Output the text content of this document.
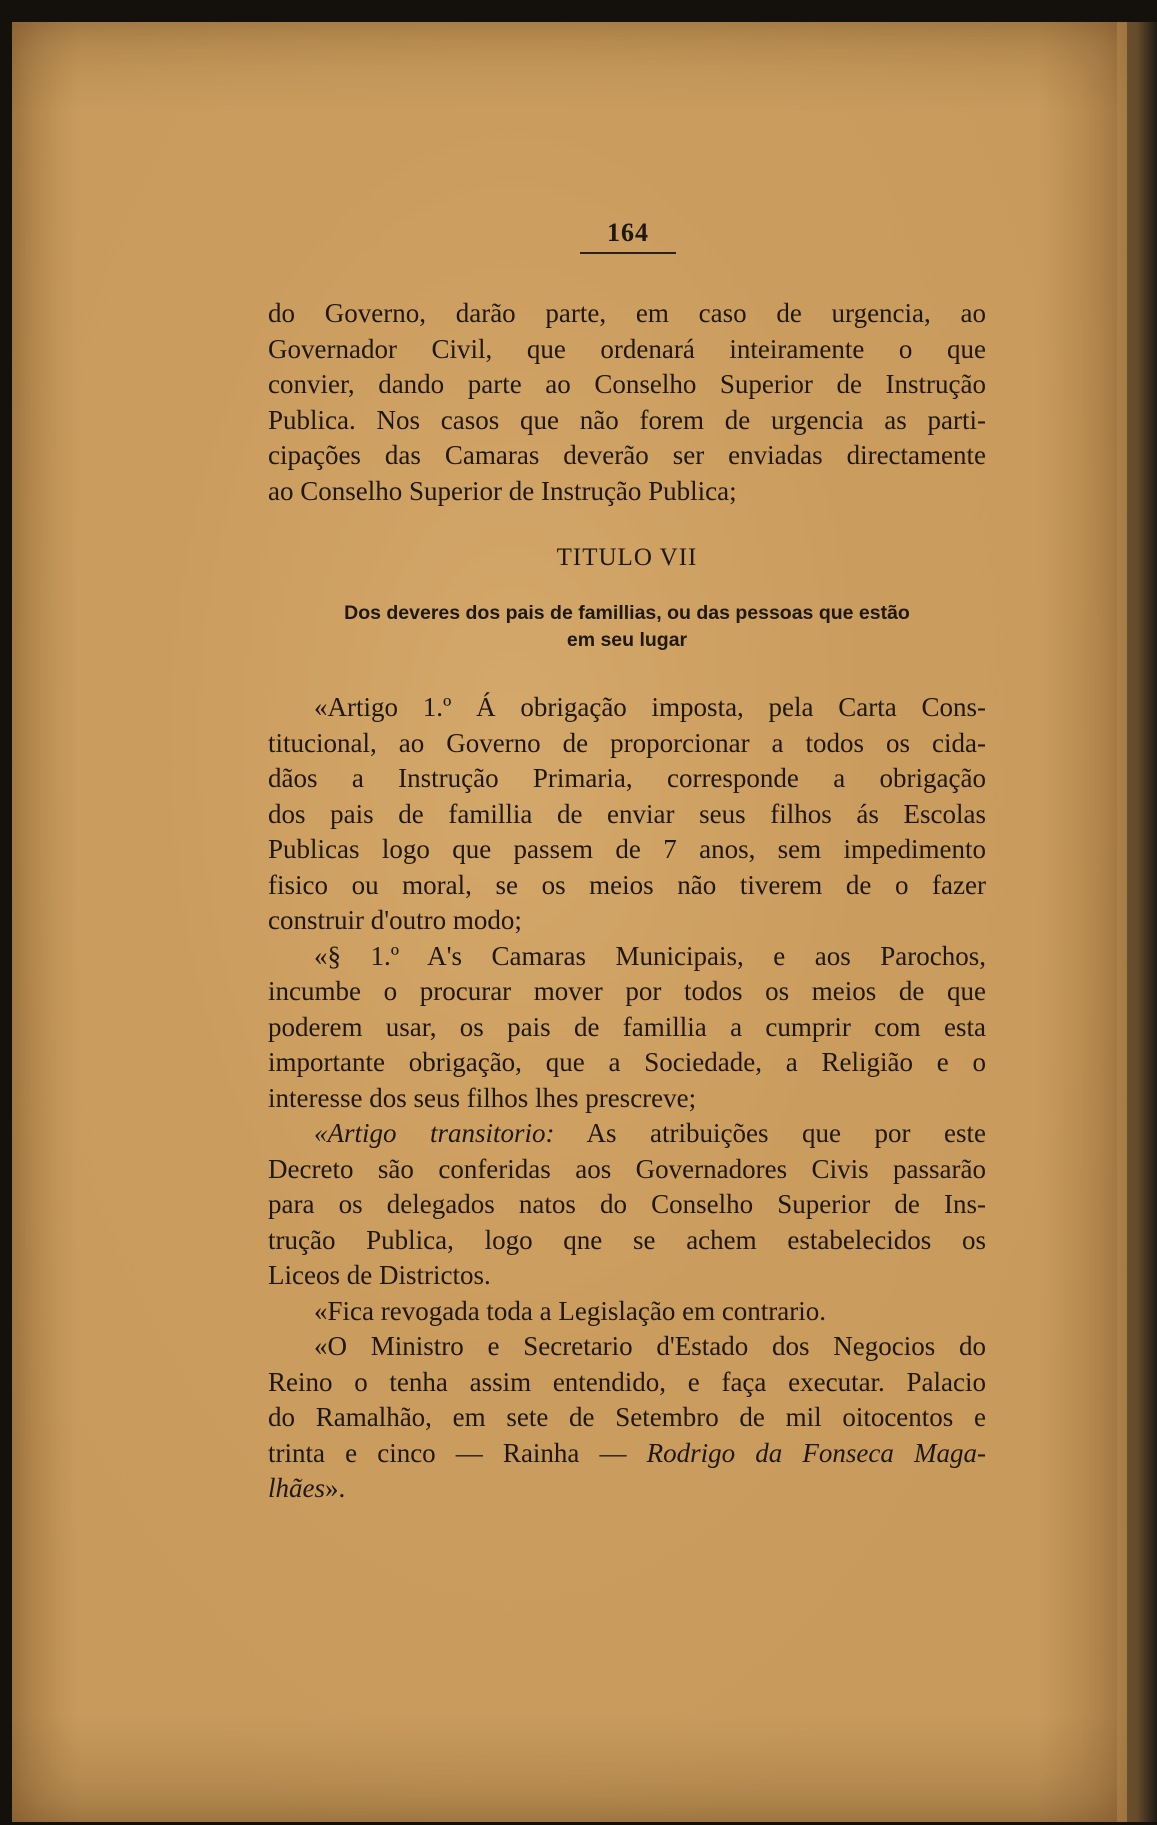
164
do Governo, darão parte, em caso de urgencia, ao
Governador Civil, que ordenará inteiramente o que
convier, dando parte ao Conselho Superior de Instrução
Publica. Nos casos que não forem de urgencia as parti-
cipações das Camaras deverão ser enviadas directamente
ao Conselho Superior de Instrução Publica;
TITULO VII
Dos deveres dos pais de famillias, ou das pessoas que estão
em seu lugar
«Artigo 1.º Á obrigação imposta, pela Carta Cons-
titucional, ao Governo de proporcionar a todos os cida-
dãos a Instrução Primaria, corresponde a obrigação
dos pais de famillia de enviar seus filhos ás Escolas
Publicas logo que passem de 7 anos, sem impedimento
fisico ou moral, se os meios não tiverem de o fazer
construir d'outro modo;
«§ 1.º A's Camaras Municipais, e aos Parochos,
incumbe o procurar mover por todos os meios de que
poderem usar, os pais de famillia a cumprir com esta
importante obrigação, que a Sociedade, a Religião e o
interesse dos seus filhos lhes prescreve;
«Artigo transitorio: As atribuições que por este
Decreto são conferidas aos Governadores Civis passarão
para os delegados natos do Conselho Superior de Ins-
trução Publica, logo qne se achem estabelecidos os
Liceos de Districtos.
«Fica revogada toda a Legislação em contrario.
«O Ministro e Secretario d'Estado dos Negocios do
Reino o tenha assim entendido, e faça executar. Palacio
do Ramalhão, em sete de Setembro de mil oitocentos e
trinta e cinco — Rainha — Rodrigo da Fonseca Maga-
lhães».
